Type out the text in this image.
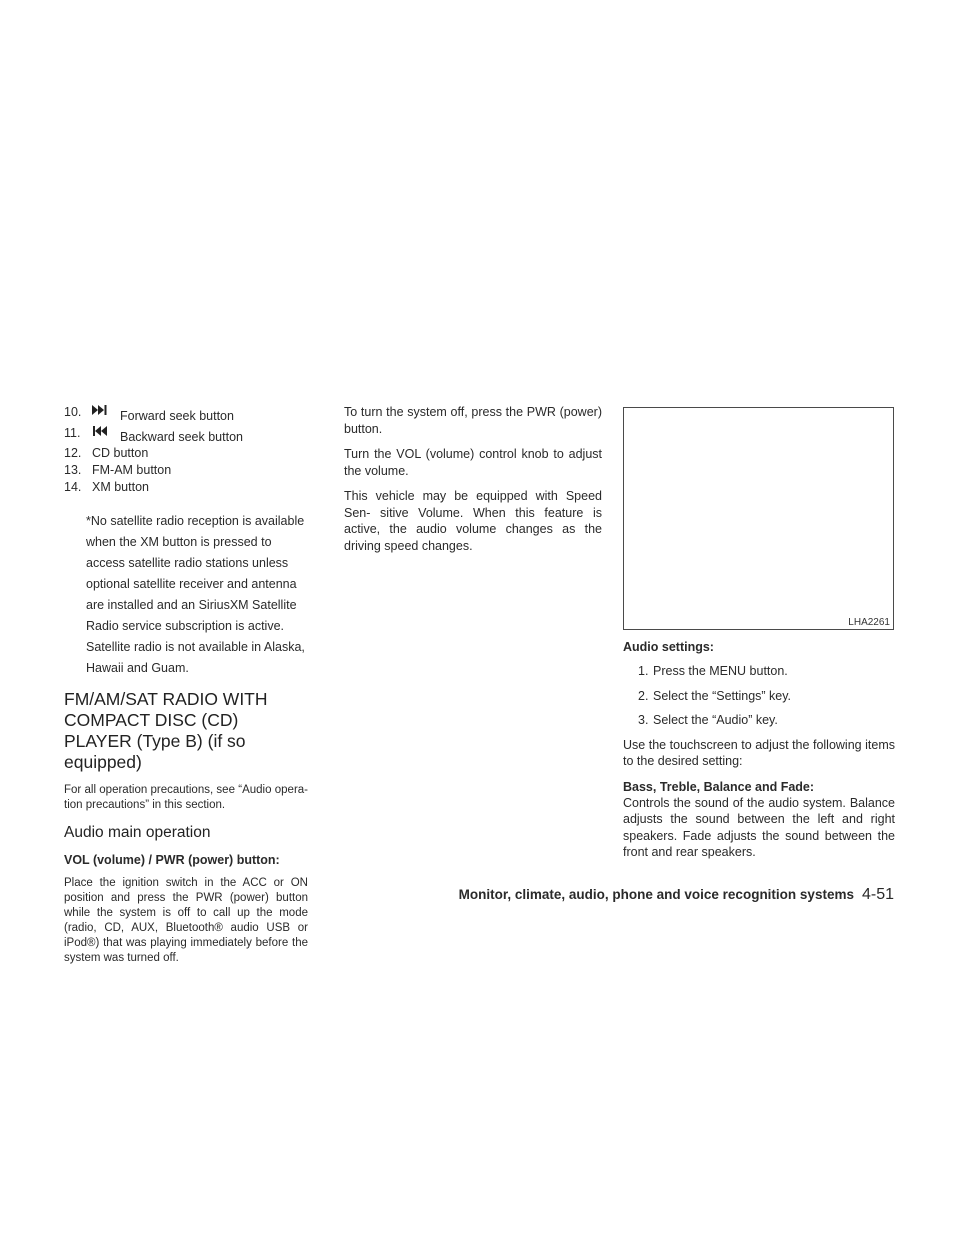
10.	Forward seek button
11.	Backward seek button
12. CD button
13. FM-AM button
14. XM button
*No satellite radio reception is available when the XM button is pressed to access satellite radio stations unless optional satellite receiver and antenna are installed and an SiriusXM Satellite Radio service subscription is active. Satellite radio is not available in Alaska, Hawaii and Guam.
FM/AM/SAT RADIO WITH COMPACT DISC (CD) PLAYER (Type B) (if so equipped)

For all operation precautions, see “Audio opera- tion precautions” in this section.

Audio main operation
VOL (volume) / PWR (power) button:

Place the ignition switch in the ACC or ON position and press the PWR (power) button while the system is off to call up the mode (radio, CD, AUX, Bluetooth® audio USB or iPod®) that was playing immediately before the system was turned off.

To turn the system off, press the PWR (power) button.

Turn the VOL (volume) control knob to adjust the volume.

This vehicle may be equipped with Speed Sen- sitive Volume. When this feature is active, the audio volume changes as the driving speed changes.

LHA2261
Audio settings:
1. Press the MENU button.
2. Select the “Settings” key.
3. Select the “Audio” key.

Use the touchscreen to adjust the following items to the desired setting:

Bass, Treble, Balance and Fade:

Controls the sound of the audio system. Balance adjusts the sound between the left and right speakers. Fade adjusts the sound between the front and rear speakers.

Monitor, climate, audio, phone and voice recognition systems 4-51
